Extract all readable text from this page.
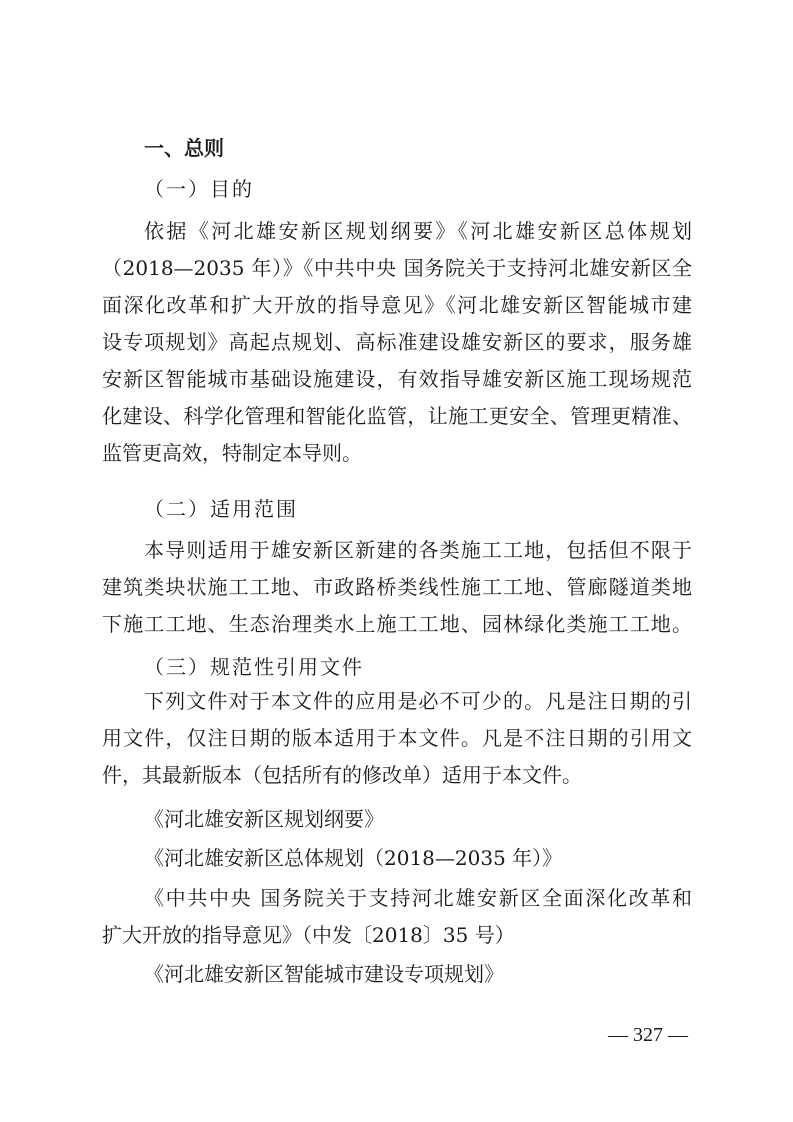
一、总则
（一）目的
依据《河北雄安新区规划纲要》《河北雄安新区总体规划
（2018—2035 年）》《中共中央 国务院关于支持河北雄安新区全
面深化改革和扩大开放的指导意见》《河北雄安新区智能城市建
设专项规划》高起点规划、高标准建设雄安新区的要求，服务雄
安新区智能城市基础设施建设，有效指导雄安新区施工现场规范
化建设、科学化管理和智能化监管，让施工更安全、管理更精准、
监管更高效，特制定本导则。
（二）适用范围
本导则适用于雄安新区新建的各类施工工地，包括但不限于
建筑类块状施工工地、市政路桥类线性施工工地、管廊隧道类地
下施工工地、生态治理类水上施工工地、园林绿化类施工工地。
（三）规范性引用文件
下列文件对于本文件的应用是必不可少的。凡是注日期的引
用文件，仅注日期的版本适用于本文件。凡是不注日期的引用文
件，其最新版本（包括所有的修改单）适用于本文件。
《河北雄安新区规划纲要》
《河北雄安新区总体规划（2018—2035 年）》
《中共中央 国务院关于支持河北雄安新区全面深化改革和
扩大开放的指导意见》（中发〔2018〕35 号）
《河北雄安新区智能城市建设专项规划》
— 327 —
